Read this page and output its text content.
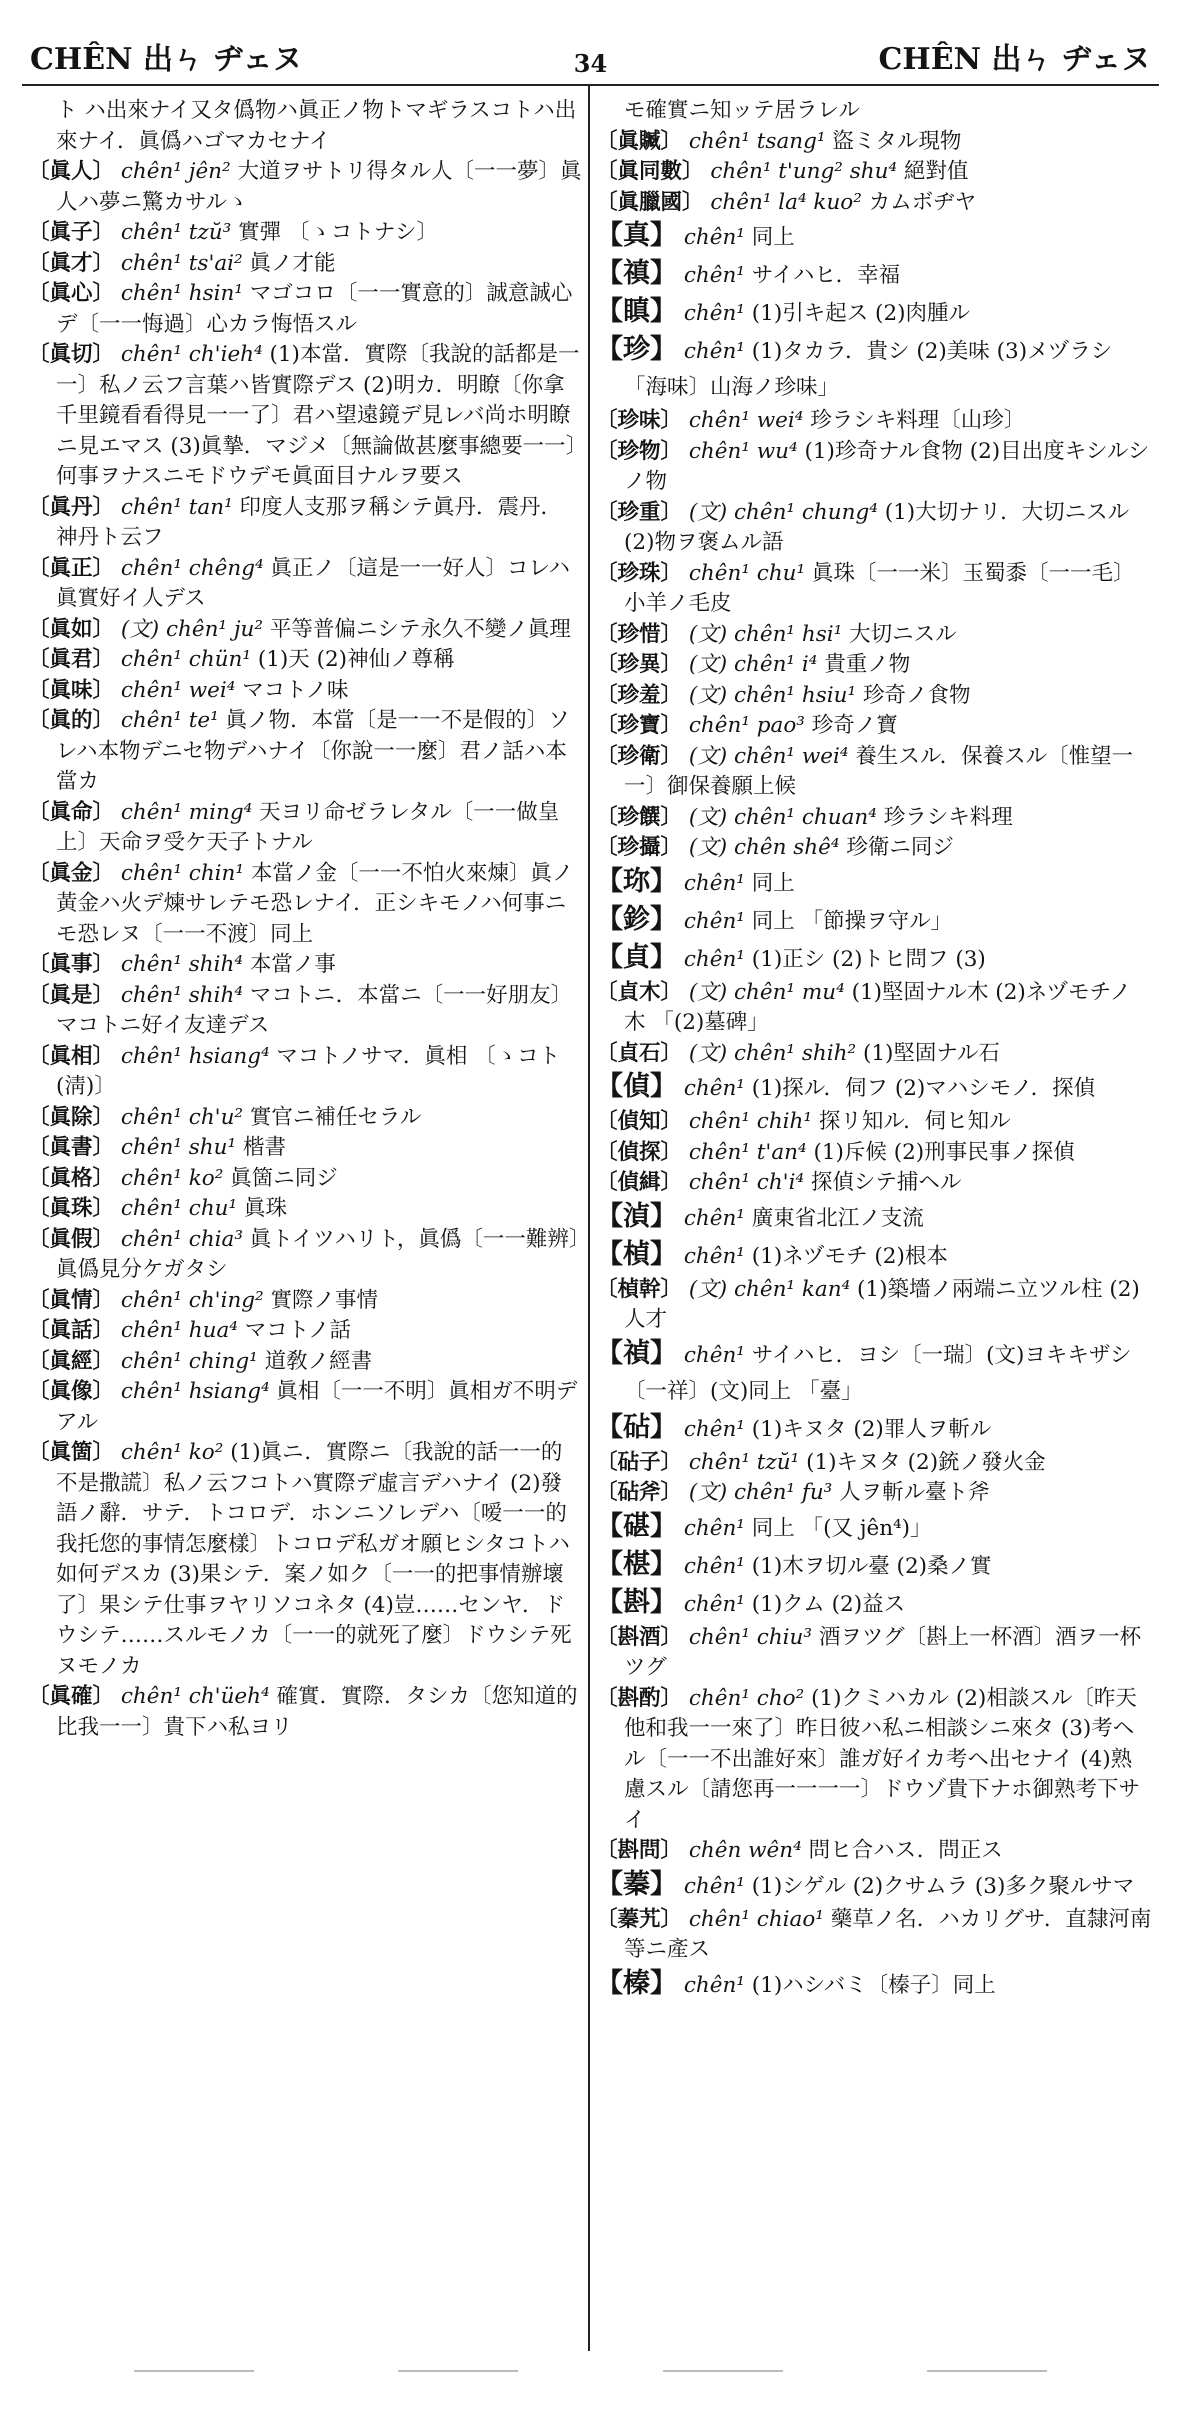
CHÊN 出ㄣ ヂェヌ	34	CHÊN 出ㄣ ヂェヌ

ト ハ出來ナイ又タ僞物ハ眞正ノ物トマギラスコトハ出來ナイ．眞僞ハゴマカセナイ

〔眞人〕 chên¹ jên² 大道ヲサトリ得タル人〔一一夢〕眞人ハ夢ニ驚カサルゝ

〔眞子〕 chên¹ tzŭ³ 實彈 〔ゝコトナシ〕

〔眞才〕 chên¹ ts'ai² 眞ノ才能

〔眞心〕 chên¹ hsin¹ マゴコロ〔一一實意的〕誠意誠心デ〔一一悔過〕心カラ悔悟スル

〔眞切〕 chên¹ ch'ieh⁴ (1)本當．實際〔我說的話都是一一〕私ノ云フ言葉ハ皆實際デス (2)明カ．明瞭〔你拿千里鏡看看得見一一了〕君ハ望遠鏡デ見レバ尚ホ明瞭ニ見エマス (3)眞摯．マジメ〔無論做甚麼事總要一一〕何事ヲナスニモドウデモ眞面目ナルヲ要ス

〔眞丹〕 chên¹ tan¹ 印度人支那ヲ稱シテ眞丹．震丹．神丹ト云フ

〔眞正〕 chên¹ chêng⁴ 眞正ノ〔這是一一好人〕コレハ眞實好イ人デス

〔眞如〕 (文) chên¹ ju² 平等普偏ニシテ永久不變ノ眞理

〔眞君〕 chên¹ chün¹ (1)天 (2)神仙ノ尊稱

〔眞味〕 chên¹ wei⁴ マコトノ味

〔眞的〕 chên¹ te¹ 眞ノ物．本當〔是一一不是假的〕ソレハ本物デニセ物デハナイ〔你說一一麼〕君ノ話ハ本當カ

〔眞命〕 chên¹ ming⁴ 天ヨリ命ゼラレタル〔一一做皇上〕天命ヲ受ケ天子トナル

〔眞金〕 chên¹ chin¹ 本當ノ金〔一一不怕火來煉〕眞ノ黃金ハ火デ煉サレテモ恐レナイ．正シキモノハ何事ニモ恐レヌ〔一一不渡〕同上

〔眞事〕 chên¹ shih⁴ 本當ノ事

〔眞是〕 chên¹ shih⁴ マコトニ．本當ニ〔一一好朋友〕マコトニ好イ友達デス

〔眞相〕 chên¹ hsiang⁴ マコトノサマ．眞相 〔ゝコト(淸)〕

〔眞除〕 chên¹ ch'u² 實官ニ補任セラル

〔眞書〕 chên¹ shu¹ 楷書

〔眞格〕 chên¹ ko² 眞箇ニ同ジ

〔眞珠〕 chên¹ chu¹ 眞珠

〔眞假〕 chên¹ chia³ 眞トイツハリト，眞僞〔一一難辨〕眞僞見分ケガタシ

〔眞情〕 chên¹ ch'ing² 實際ノ事情

〔眞話〕 chên¹ hua⁴ マコトノ話

〔眞經〕 chên¹ ching¹ 道敎ノ經書

〔眞像〕 chên¹ hsiang⁴ 眞相〔一一不明〕眞相ガ不明デアル

〔眞箇〕 chên¹ ko² (1)眞ニ．實際ニ〔我說的話一一的不是撒謊〕私ノ云フコトハ實際デ虛言デハナイ (2)發語ノ辭．サテ．トコロデ．ホンニソレデハ〔嗳一一的我托您的事情怎麼樣〕トコロデ私ガオ願ヒシタコトハ如何デスカ (3)果シテ．案ノ如ク〔一一的把事情辦壞了〕果シテ仕事ヲヤリソコネタ (4)豈……センヤ．ドウシテ……スルモノカ〔一一的就死了麼〕ドウシテ死ヌモノカ

〔眞確〕 chên¹ ch'üeh⁴ 確實．實際．タシカ〔您知道的比我一一〕貴下ハ私ヨリ

モ確實ニ知ッテ居ラレル

〔眞贓〕 chên¹ tsang¹ 盜ミタル現物

〔眞同數〕 chên¹ t'ung² shu⁴ 絕對值

〔眞臘國〕 chên¹ la⁴ kuo² カムボヂヤ

【真】 chên¹ 同上

【禛】 chên¹ サイハヒ．幸福

【瞋】 chên¹ (1)引キ起ス (2)肉腫ル

【珍】 chên¹ (1)タカラ．貴シ (2)美味 (3)メヅラシ 「海味〕山海ノ珍味」

〔珍味〕 chên¹ wei⁴ 珍ラシキ料理〔山珍〕

〔珍物〕 chên¹ wu⁴ (1)珍奇ナル食物 (2)目出度キシルシノ物

〔珍重〕 (文) chên¹ chung⁴ (1)大切ナリ．大切ニスル (2)物ヲ褒ムル語

〔珍珠〕 chên¹ chu¹ 眞珠〔一一米〕玉蜀黍〔一一毛〕小羊ノ毛皮

〔珍惜〕 (文) chên¹ hsi¹ 大切ニスル

〔珍異〕 (文) chên¹ i⁴ 貴重ノ物

〔珍羞〕 (文) chên¹ hsiu¹ 珍奇ノ食物

〔珍寶〕 chên¹ pao³ 珍奇ノ寶

〔珍衛〕 (文) chên¹ wei⁴ 養生スル．保養スル〔惟望一一〕御保養願上候

〔珍饌〕 (文) chên¹ chuan⁴ 珍ラシキ料理

〔珍攝〕 (文) chên shê⁴ 珍衛ニ同ジ

【珎】 chên¹ 同上

【鉁】 chên¹ 同上 「節操ヲ守ル」

【貞】 chên¹ (1)正シ (2)トヒ問フ (3)

〔貞木〕 (文) chên¹ mu⁴ (1)堅固ナル木 (2)ネヅモチノ木 「(2)墓碑」

〔貞石〕 (文) chên¹ shih² (1)堅固ナル石

【偵】 chên¹ (1)探ル．伺フ (2)マハシモノ．探偵

〔偵知〕 chên¹ chih¹ 探リ知ル．伺ヒ知ル

〔偵探〕 chên¹ t'an⁴ (1)斥候 (2)刑事民事ノ探偵

〔偵緝〕 chên¹ ch'i⁴ 探偵シテ捕ヘル

【湞】 chên¹ 廣東省北江ノ支流

【楨】 chên¹ (1)ネヅモチ (2)根本

〔楨幹〕 (文) chên¹ kan⁴ (1)築墻ノ兩端ニ立ツル柱 (2)人才

【禎】 chên¹ サイハヒ．ヨシ〔一瑞〕(文)ヨキキザシ〔一祥〕(文)同上 「臺」

【砧】 chên¹ (1)キヌタ (2)罪人ヲ斬ル

〔砧子〕 chên¹ tzŭ¹ (1)キヌタ (2)銃ノ發火金

〔砧斧〕 (文) chên¹ fu³ 人ヲ斬ル臺ト斧

【碪】 chên¹ 同上 「(又 jên⁴)」

【椹】 chên¹ (1)木ヲ切ル臺 (2)桑ノ實

【斟】 chên¹ (1)クム (2)益ス

〔斟酒〕 chên¹ chiu³ 酒ヲツグ〔斟上一杯酒〕酒ヲ一杯ツグ

〔斟酌〕 chên¹ cho² (1)クミハカル (2)相談スル〔昨天他和我一一來了〕昨日彼ハ私ニ相談シニ來タ (3)考ヘル〔一一不出誰好來〕誰ガ好イカ考ヘ出セナイ (4)熟慮スル〔請您再一一一一〕ドウゾ貴下ナホ御熟考下サイ

〔斟問〕 chên wên⁴ 問ヒ合ハス．問正ス

【蓁】 chên¹ (1)シゲル (2)クサムラ (3)多ク聚ルサマ

〔蓁艽〕 chên¹ chiao¹ 藥草ノ名．ハカリグサ．直隸河南等ニ產ス

【榛】 chên¹ (1)ハシバミ〔榛子〕同上
